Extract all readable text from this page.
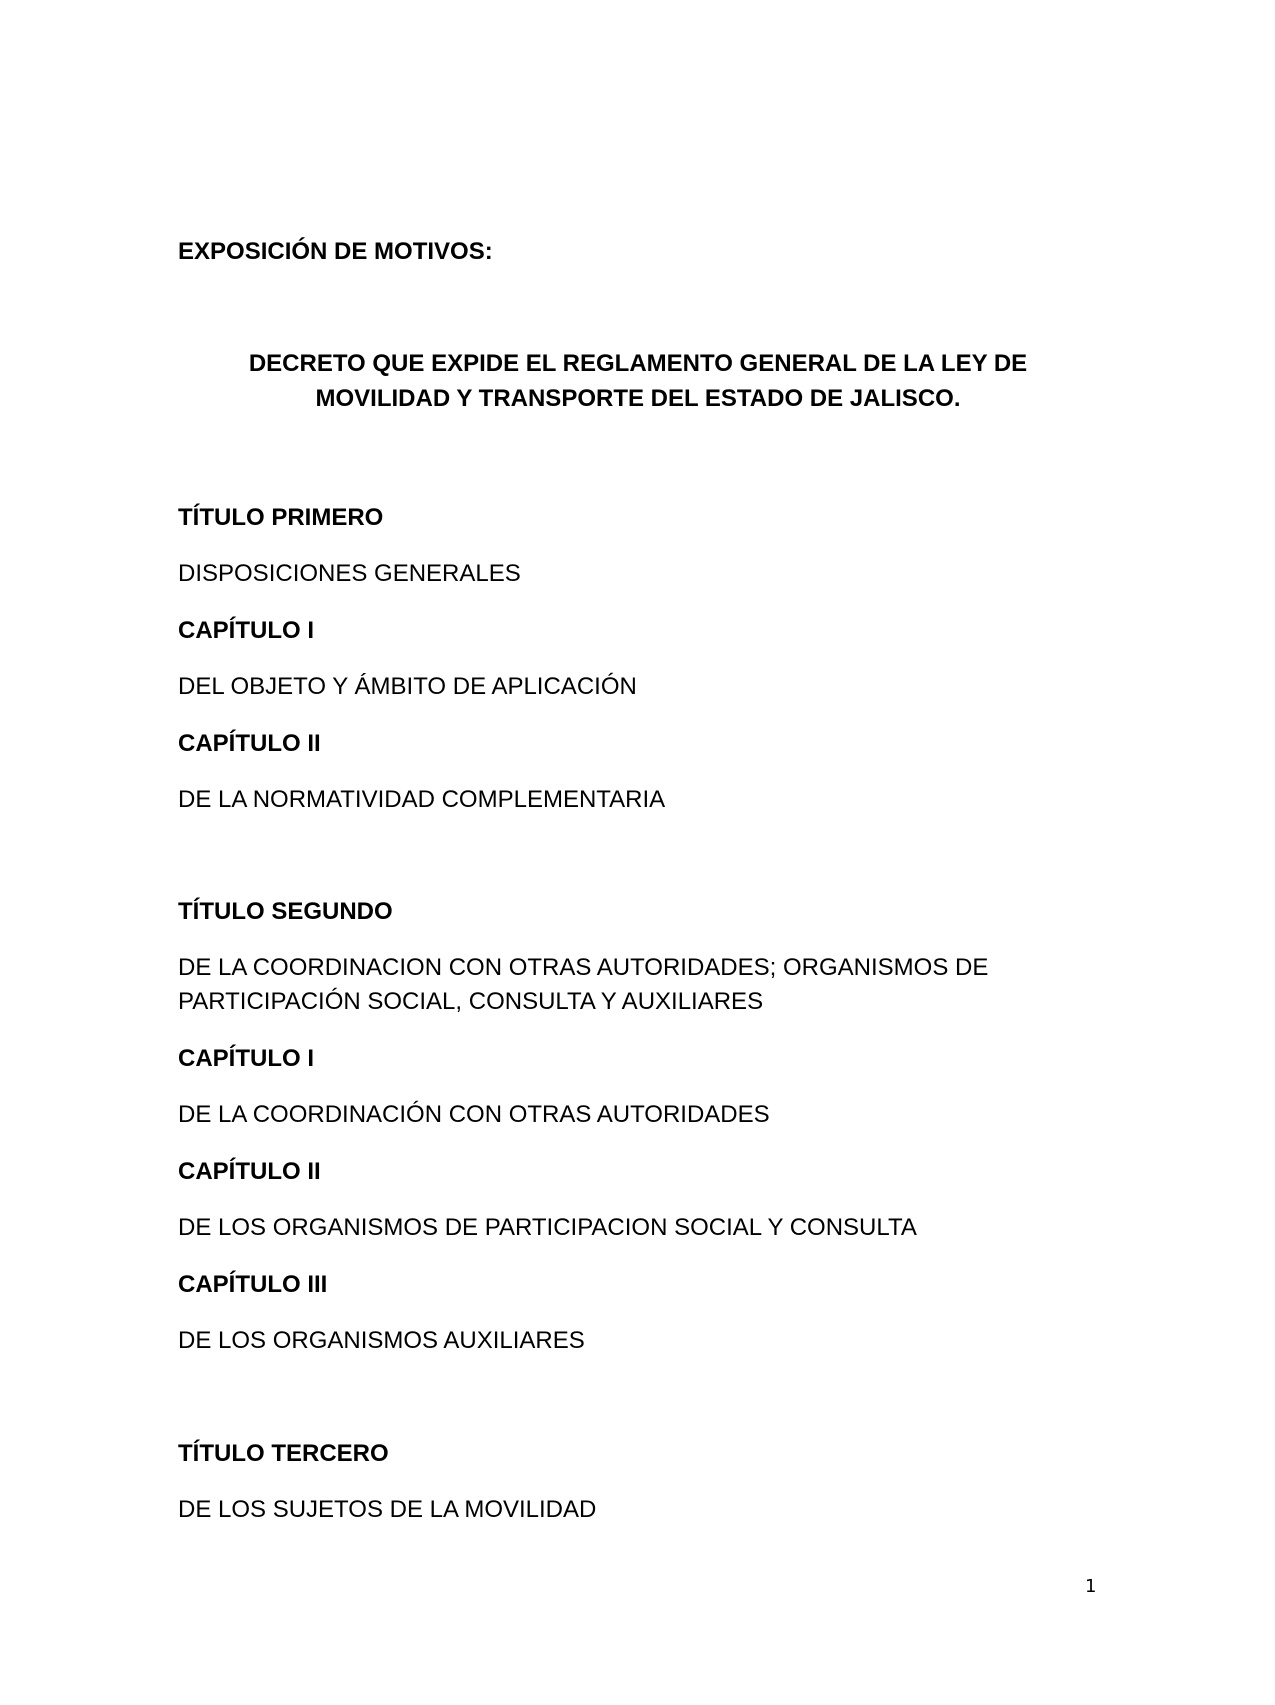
EXPOSICIÓN DE MOTIVOS:

DECRETO QUE EXPIDE EL REGLAMENTO GENERAL DE LA LEY DE

MOVILIDAD Y TRANSPORTE DEL ESTADO DE JALISCO.

TÍTULO PRIMERO

DISPOSICIONES GENERALES

CAPÍTULO I

DEL OBJETO Y ÁMBITO DE APLICACIÓN

CAPÍTULO II

DE LA NORMATIVIDAD COMPLEMENTARIA

TÍTULO SEGUNDO

DE LA COORDINACION CON OTRAS AUTORIDADES; ORGANISMOS DE

PARTICIPACIÓN SOCIAL, CONSULTA Y AUXILIARES

CAPÍTULO I

DE LA COORDINACIÓN CON OTRAS AUTORIDADES

CAPÍTULO II

DE LOS ORGANISMOS DE PARTICIPACION SOCIAL Y CONSULTA

CAPÍTULO III

DE LOS ORGANISMOS AUXILIARES

TÍTULO TERCERO

DE LOS SUJETOS DE LA MOVILIDAD

1
